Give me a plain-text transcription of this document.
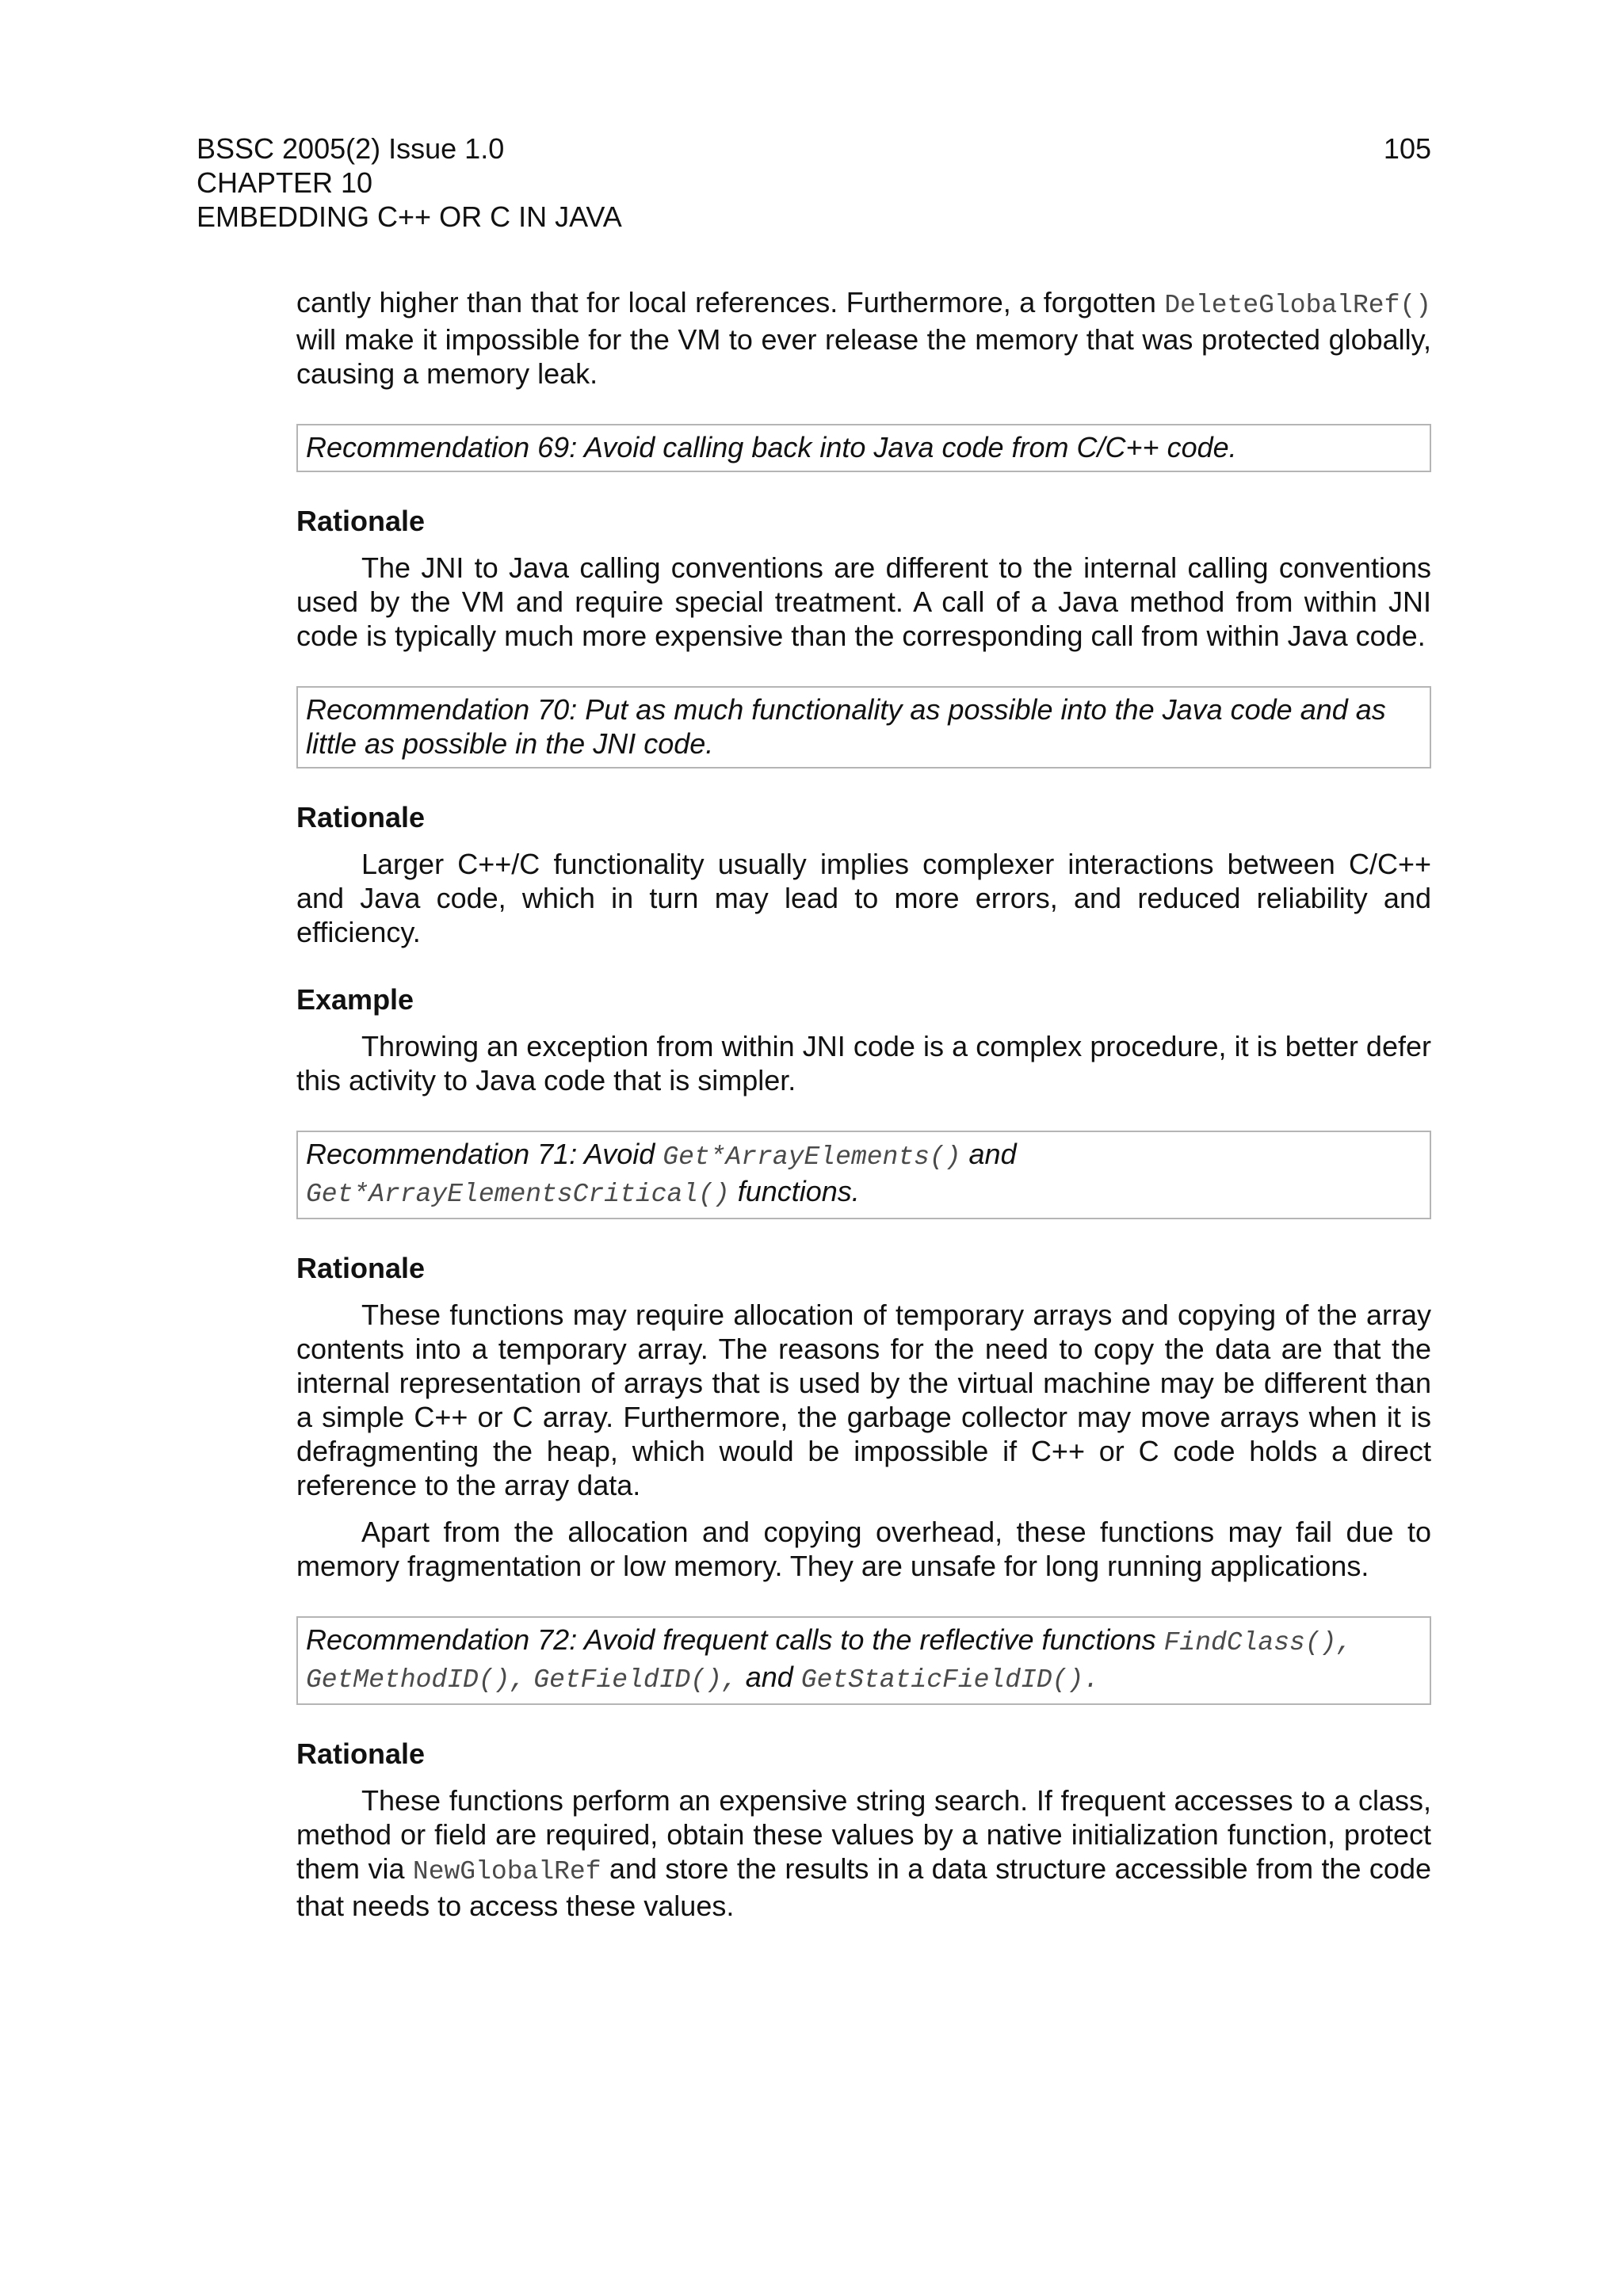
BSSC 2005(2) Issue 1.0
CHAPTER 10
EMBEDDING C++ OR C IN JAVA
105

cantly higher than that for local references. Furthermore, a forgotten DeleteGlobalRef() will make it impossible for the VM to ever release the memory that was protected globally, causing a memory leak.

Recommendation 69: Avoid calling back into Java code from C/C++ code.

Rationale

The JNI to Java calling conventions are different to the internal calling conventions used by the VM and require special treatment. A call of a Java method from within JNI code is typically much more expensive than the corresponding call from within Java code.

Recommendation 70: Put as much functionality as possible into the Java code and as little as possible in the JNI code.

Rationale

Larger C++/C functionality usually implies complexer interactions between C/C++ and Java code, which in turn may lead to more errors, and reduced reliability and efficiency.

Example

Throwing an exception from within JNI code is a complex procedure, it is better defer this activity to Java code that is simpler.

Recommendation 71: Avoid Get*ArrayElements() and
Get*ArrayElementsCritical() functions.

Rationale

These functions may require allocation of temporary arrays and copying of the array contents into a temporary array. The reasons for the need to copy the data are that the internal representation of arrays that is used by the virtual machine may be different than a simple C++ or C array. Furthermore, the garbage collector may move arrays when it is defragmenting the heap, which would be impossible if C++ or C code holds a direct reference to the array data.

Apart from the allocation and copying overhead, these functions may fail due to memory fragmentation or low memory. They are unsafe for long running applications.

Recommendation 72: Avoid frequent calls to the reflective functions FindClass(), GetMethodID(), GetFieldID(), and GetStaticFieldID().

Rationale

These functions perform an expensive string search. If frequent accesses to a class, method or field are required, obtain these values by a native initialization function, protect them via NewGlobalRef and store the results in a data structure accessible from the code that needs to access these values.
